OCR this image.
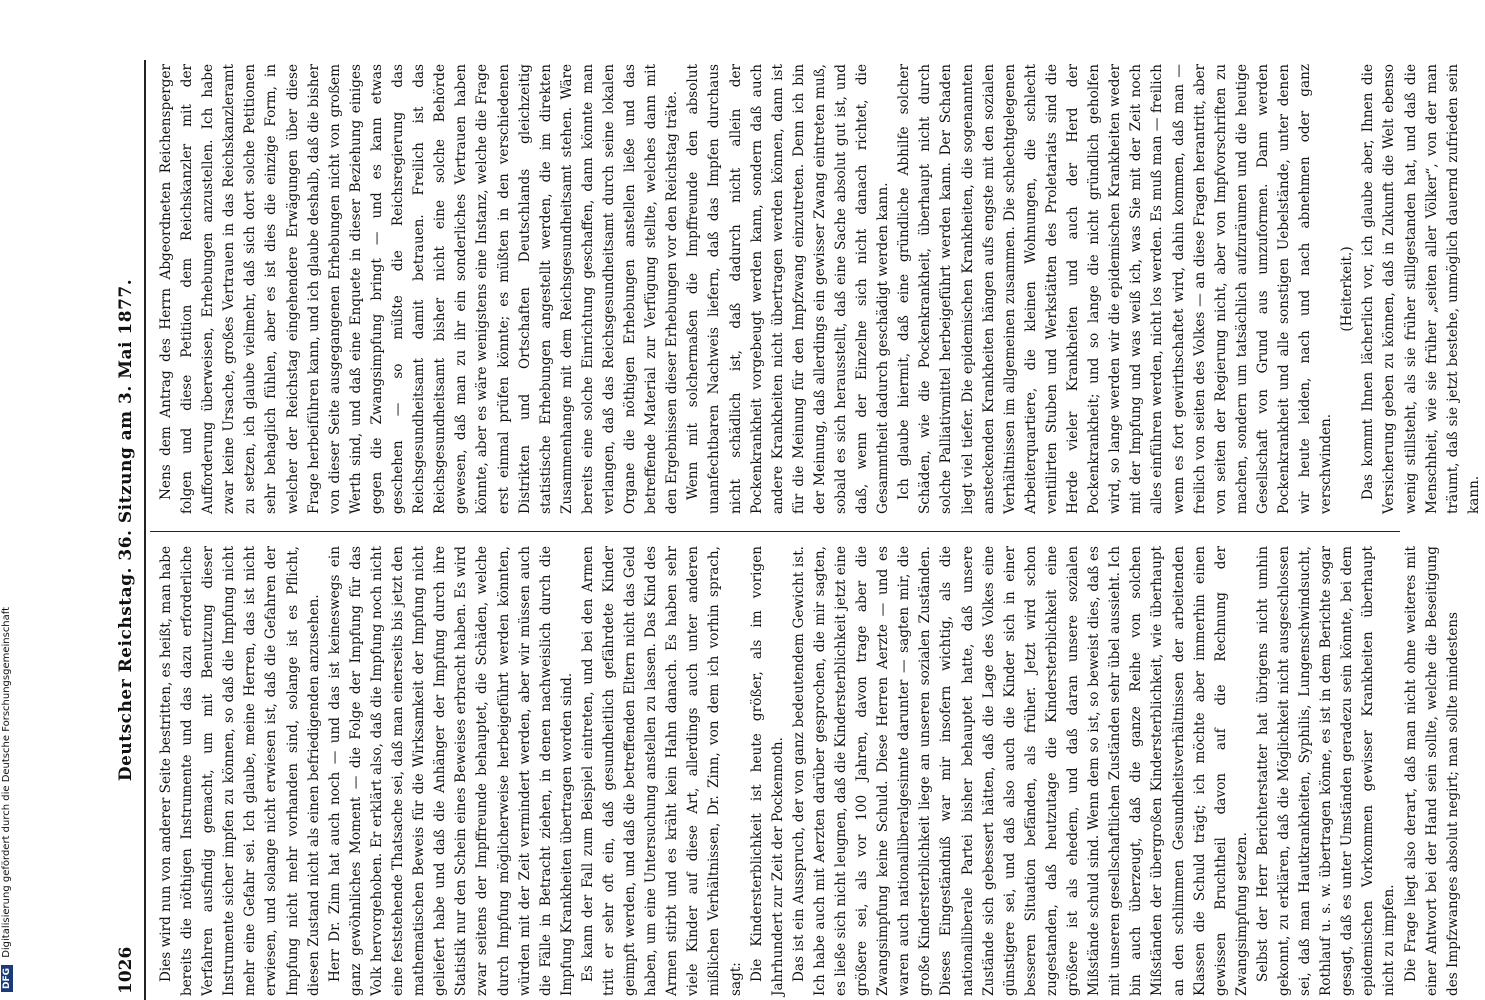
DFG Digitalisierung gefördert durch die Deutsche Forschungsgemeinschaft
1026
Deutscher Reichstag. 36. Sitzung am 3. Mai 1877. Dies wird nun von anderer Seite bestritten, es heißt, man habe bereits die nöthigen Instrumente und das dazu erforderliche Verfahren ausfindig gemacht, um mit Benutzung dieser Instrumente sicher impfen zu können, so daß die Impfung nicht mehr eine Gefahr sei. Ich glaube, meine Herren, das ist nicht erwiesen, und solange nicht erwiesen ist, daß die Gefahren der Impfung nicht mehr vorhanden sind, solange ist es Pflicht, diesen Zustand nicht als einen befriedigenden anzusehen. Herr Dr. Zinn hat auch noch — und das ist keineswegs ein ganz gewöhnliches Moment — die Folge der Impfung für das Volk hervorgehoben. Er erklärt also, daß die Impfung noch nicht eine feststehende Thatsache sei, daß man einerseits bis jetzt den mathematischen Beweis für die Wirksamkeit der Impfung nicht geliefert habe und daß die Anhänger der Impfung durch ihre Statistik nur den Schein eines Beweises erbracht haben. Es wird zwar seitens der Impffreunde behauptet, die Schäden, welche durch Impfung möglicherweise herbeigeführt werden könnten, würden mit der Zeit vermindert werden, aber wir müssen auch die Fälle in Betracht ziehen, in denen nachweislich durch die Impfung Krankheiten übertragen worden sind. Es kann der Fall zum Beispiel eintreten, und bei den Armen tritt er sehr oft ein, daß gesundheitlich gefährdete Kinder geimpft werden, und daß die betreffenden Eltern nicht das Geld haben, um eine Untersuchung anstellen zu lassen. Das Kind des Armen stirbt und es kräht kein Hahn danach. Es haben sehr viele Kinder auf diese Art, allerdings auch unter anderen mißlichen Verhältnissen, Dr. Zinn, von dem ich vorhin sprach, sagt: Die Kindersterblichkeit ist heute größer, als im vorigen Jahrhundert zur Zeit der Pockennoth. Das ist ein Ausspruch, der von ganz bedeutendem Gewicht ist. Ich habe auch mit Aerzten darüber gesprochen, die mir sagten, es ließe sich nicht leugnen, daß die Kindersterblichkeit jetzt eine größere sei, als vor 100 Jahren, davon trage aber die Zwangsimpfung keine Schuld. Diese Herren Aerzte — und es waren auch nationalliberalgesinnte darunter — sagten mir, die große Kindersterblichkeit liege an unseren sozialen Zuständen. Dieses Eingeständniß war mir insofern wichtig, als die nationalliberale Partei bisher behauptet hatte, daß unsere Zustände sich gebessert hätten, daß die Lage des Volkes eine günstigere sei, und daß also auch die Kinder sich in einer besseren Situation befänden, als früher. Jetzt wird schon zugestanden, daß heutzutage die Kindersterblichkeit eine größere ist als ehedem, und daß daran unsere sozialen Mißstände schuld sind. Wenn dem so ist, so beweist dies, daß es mit unseren gesellschaftlichen Zuständen sehr übel aussieht. Ich bin auch überzeugt, daß die ganze Reihe von solchen Mißständen der übergroßen Kindersterblichkeit, wie überhaupt an den schlimmen Gesundheitsverhältnissen der arbeitenden Klassen die Schuld trägt; ich möchte aber immerhin einen gewissen Bruchtheil davon auf die Rechnung der Zwangsimpfung setzen. Selbst der Herr Berichterstatter hat übrigens nicht umhin gekonnt, zu erklären, daß die Möglichkeit nicht ausgeschlossen sei, daß man Hautkrankheiten, Syphilis, Lungenschwindsucht, Rothlauf u. s. w. übertragen könne, es ist in dem Berichte sogar gesagt, daß es unter Umständen geradezu sein könnte, bei dem epidemischen Vorkommen gewisser Krankheiten überhaupt nicht zu impfen. Die Frage liegt also derart, daß man nicht ohne weiteres mit einer Antwort bei der Hand sein sollte, welche die Beseitigung des Impfzwanges absolut negirt; man sollte mindestens

Nens dem Antrag des Herrn Abgeordneten Reichensperger folgen und diese Petition dem Reichskanzler mit der Aufforderung überweisen, Erhebungen anzustellen. Ich habe zwar keine Ursache, großes Vertrauen in das Reichskanzleramt zu setzen, ich glaube vielmehr, daß sich dort solche Petitionen sehr behaglich fühlen, aber es ist dies die einzige Form, in welcher der Reichstag eingehendere Erwägungen über diese Frage herbeiführen kann, und ich glaube deshalb, daß die bisher von dieser Seite ausgegangenen Erhebungen nicht von großem Werth sind, und daß eine Enquete in dieser Beziehung einiges gegen die Zwangsimpfung bringt — und es kann etwas geschehen — so müßte die Reichsregierung das Reichsgesundheitsamt damit betrauen. Freilich ist das Reichsgesundheitsamt bisher nicht eine solche Behörde gewesen, daß man zu ihr ein sonderliches Vertrauen haben könnte, aber es wäre wenigstens eine Instanz, welche die Frage erst einmal prüfen könnte; es müßten in den verschiedenen Distrikten und Ortschaften Deutschlands gleichzeitig statistische Erhebungen angestellt werden, die im direkten Zusammenhange mit dem Reichsgesundheitsamt stehen. Wäre bereits eine solche Einrichtung geschaffen, dann könnte man verlangen, daß das Reichsgesundheitsamt durch seine lokalen Organe die nöthigen Erhebungen anstellen ließe und das betreffende Material zur Verfügung stellte, welches dann mit den Ergebnissen dieser Erhebungen vor den Reichstag träte. Wenn mit solchermaßen die Impffreunde den absolut unanfechtbaren Nachweis liefern, daß das Impfen durchaus nicht schädlich ist, daß dadurch nicht allein der Pockenkrankheit vorgebeugt werden kann, sondern daß auch andere Krankheiten nicht übertragen werden können, dann ist für die Meinung für den Impfzwang einzutreten. Denn ich bin der Meinung, daß allerdings ein gewisser Zwang eintreten muß, sobald es sich herausstellt, daß eine Sache absolut gut ist, und daß, wenn der Einzelne sich nicht danach richtet, die Gesammtheit dadurch geschädigt werden kann. Ich glaube hiermit, daß eine gründliche Abhilfe solcher Schäden, wie die Pockenkrankheit, überhaupt nicht durch solche Palliativmittel herbeigeführt werden kann. Der Schaden liegt viel tiefer. Die epidemischen Krankheiten, die sogenannten ansteckenden Krankheiten hängen aufs engste mit den sozialen Verhältnissen im allgemeinen zusammen. Die schlechtgelegenen Arbeiterquartiere, die kleinen Wohnungen, die schlecht ventilirten Stuben und Werkstätten des Proletariats sind die Herde vieler Krankheiten und auch der Herd der Pockenkrankheit; und so lange die nicht gründlich geholfen wird, so lange werden wir die epidemischen Krankheiten weder mit der Impfung und was weiß ich, was Sie mit der Zeit noch alles einführen werden, nicht los werden. Es muß man — freilich wenn es fort gewirthschaftet wird, dahin kommen, daß man — freilich von seiten des Volkes — an diese Fragen herantritt, aber von seiten der Regierung nicht, aber von Impfvorschriften zu machen, sondern um tatsächlich aufzuräumen und die heutige Gesellschaft von Grund aus umzuformen. Dann werden Pockenkrankheit und alle sonstigen Uebelstände, unter denen wir heute leiden, nach und nach abnehmen oder ganz verschwinden.

(Heiterkeit.) Das kommt Ihnen lächerlich vor, ich glaube aber, Ihnen die Versicherung geben zu können, daß in Zukunft die Welt ebenso wenig stillsteht, als sie früher stillgestanden hat, und daß die Menschheit, wie sie früher „seiten aller Völker“, von der man träumt, daß sie jetzt bestehe, unmöglich dauernd zufrieden sein kann.
